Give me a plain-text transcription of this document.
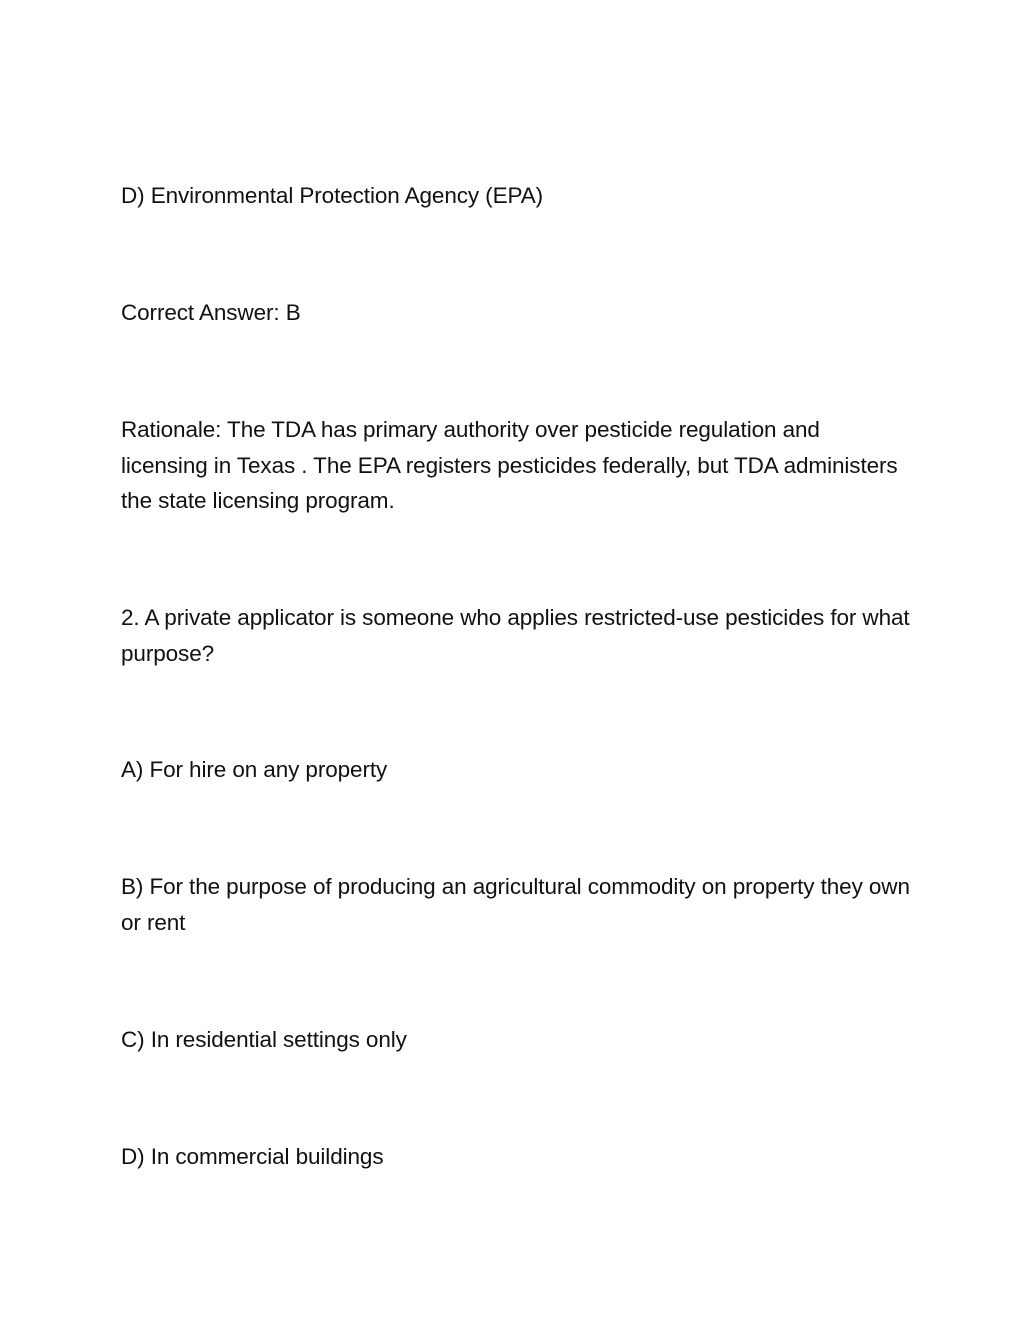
D) Environmental Protection Agency (EPA)

Correct Answer: B

Rationale: The TDA has primary authority over pesticide regulation and licensing in Texas . The EPA registers pesticides federally, but TDA administers the state licensing program.

2. A private applicator is someone who applies restricted-use pesticides for what purpose?

A) For hire on any property

B) For the purpose of producing an agricultural commodity on property they own or rent

C) In residential settings only

D) In commercial buildings
